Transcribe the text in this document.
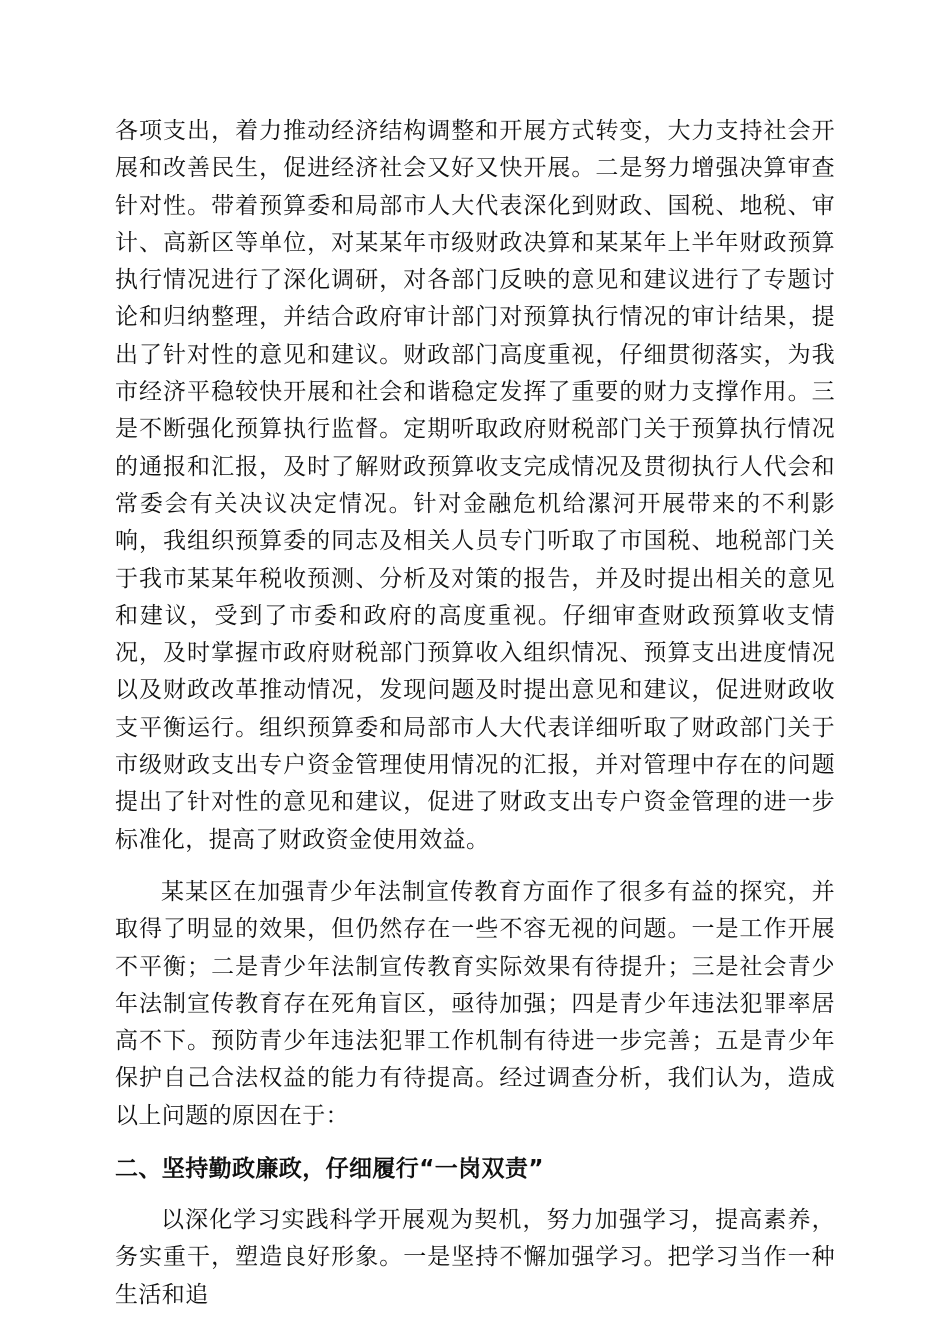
各项支出，着力推动经济结构调整和开展方式转变，大力支持社会开展和改善民生，促进经济社会又好又快开展。二是努力增强决算审查针对性。带着预算委和局部市人大代表深化到财政、国税、地税、审计、高新区等单位，对某某年市级财政决算和某某年上半年财政预算执行情况进行了深化调研，对各部门反映的意见和建议进行了专题讨论和归纳整理，并结合政府审计部门对预算执行情况的审计结果，提出了针对性的意见和建议。财政部门高度重视，仔细贯彻落实，为我市经济平稳较快开展和社会和谐稳定发挥了重要的财力支撑作用。三是不断强化预算执行监督。定期听取政府财税部门关于预算执行情况的通报和汇报，及时了解财政预算收支完成情况及贯彻执行人代会和常委会有关决议决定情况。针对金融危机给漯河开展带来的不利影响，我组织预算委的同志及相关人员专门听取了市国税、地税部门关于我市某某年税收预测、分析及对策的报告，并及时提出相关的意见和建议，受到了市委和政府的高度重视。仔细审查财政预算收支情况，及时掌握市政府财税部门预算收入组织情况、预算支出进度情况以及财政改革推动情况，发现问题及时提出意见和建议，促进财政收支平衡运行。组织预算委和局部市人大代表详细听取了财政部门关于市级财政支出专户资金管理使用情况的汇报，并对管理中存在的问题提出了针对性的意见和建议，促进了财政支出专户资金管理的进一步标准化，提高了财政资金使用效益。

某某区在加强青少年法制宣传教育方面作了很多有益的探究，并取得了明显的效果，但仍然存在一些不容无视的问题。一是工作开展不平衡；二是青少年法制宣传教育实际效果有待提升；三是社会青少年法制宣传教育存在死角盲区，亟待加强；四是青少年违法犯罪率居高不下。预防青少年违法犯罪工作机制有待进一步完善；五是青少年保护自己合法权益的能力有待提高。经过调查分析，我们认为，造成以上问题的原因在于：

二、坚持勤政廉政，仔细履行“一岗双责”

以深化学习实践科学开展观为契机，努力加强学习，提高素养，务实重干，塑造良好形象。一是坚持不懈加强学习。把学习当作一种生活和追
